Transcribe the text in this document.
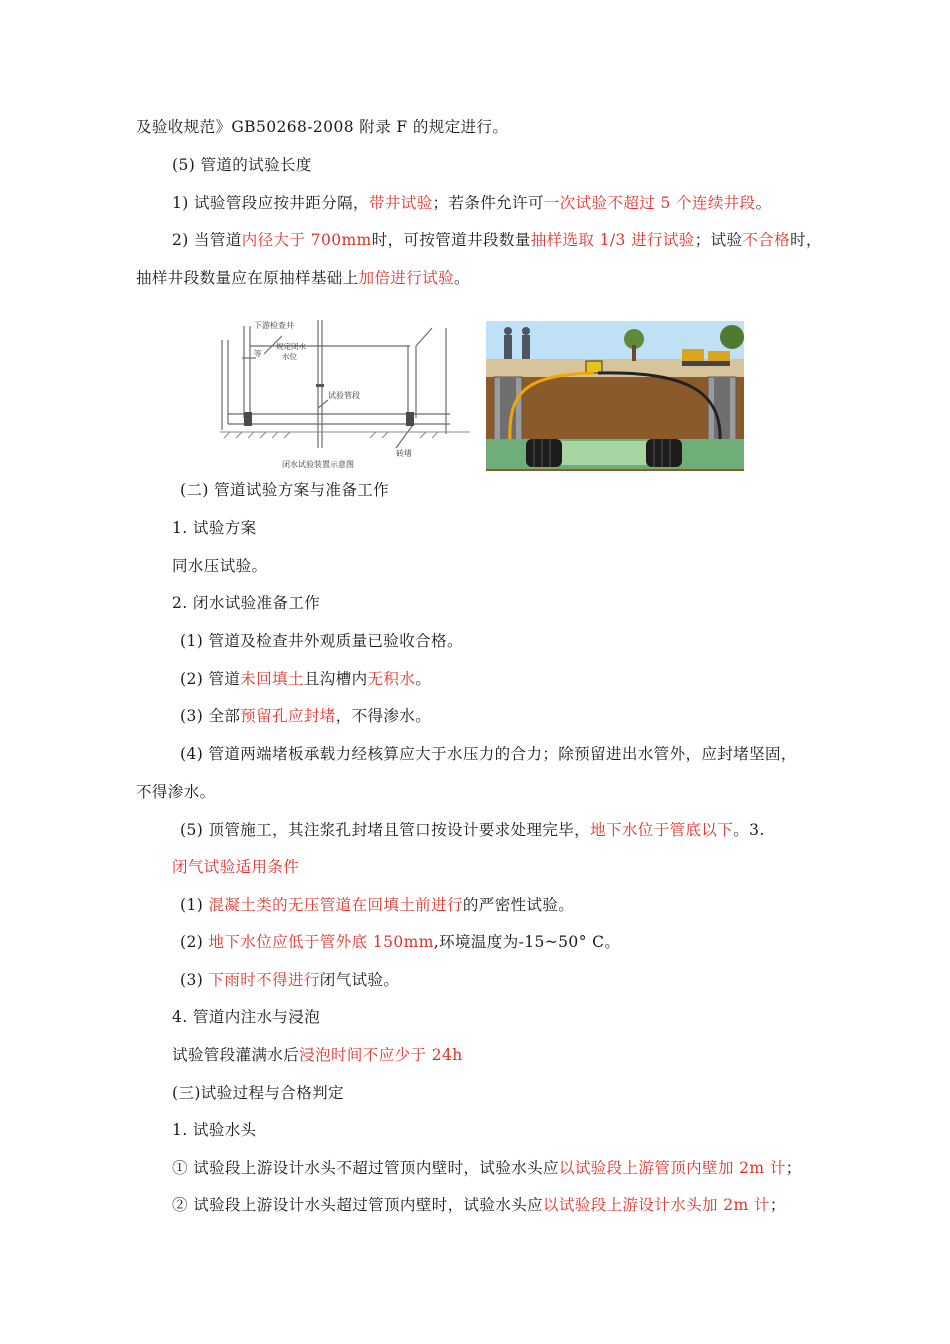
及验收规范》GB50268-2008 附录 F 的规定进行。
(5) 管道的试验长度
1) 试验管段应按井距分隔，带井试验；若条件允许可一次试验不超过 5 个连续井段。
2) 当管道内径大于 700mm时，可按管道井段数量抽样选取 1/3 进行试验；试验不合格时，
抽样井段数量应在原抽样基础上加倍进行试验。
(二) 管道试验方案与准备工作
1. 试验方案
同水压试验。
2. 闭水试验准备工作
(1) 管道及检查井外观质量已验收合格。
(2) 管道未回填土且沟槽内无积水。
(3) 全部预留孔应封堵，不得渗水。
(4) 管道两端堵板承载力经核算应大于水压力的合力；除预留进出水管外，应封堵坚固，
不得渗水。
(5) 顶管施工，其注浆孔封堵且管口按设计要求处理完毕，地下水位于管底以下。3.
闭气试验适用条件
(1) 混凝土类的无压管道在回填土前进行的严密性试验。
(2) 地下水位应低于管外底 150mm,环境温度为-15~50° C。
(3) 下雨时不得进行闭气试验。
4. 管道内注水与浸泡
试验管段灌满水后浸泡时间不应少于 24h
(三)试验过程与合格判定
1. 试验水头
① 试验段上游设计水头不超过管顶内壁时，试验水头应以试验段上游管顶内壁加 2m 计；
② 试验段上游设计水头超过管顶内壁时，试验水头应以试验段上游设计水头加 2m 计；
下游检查井
规定闭水
水位
等
试验管段
砖堵
闭水试验装置示意图
